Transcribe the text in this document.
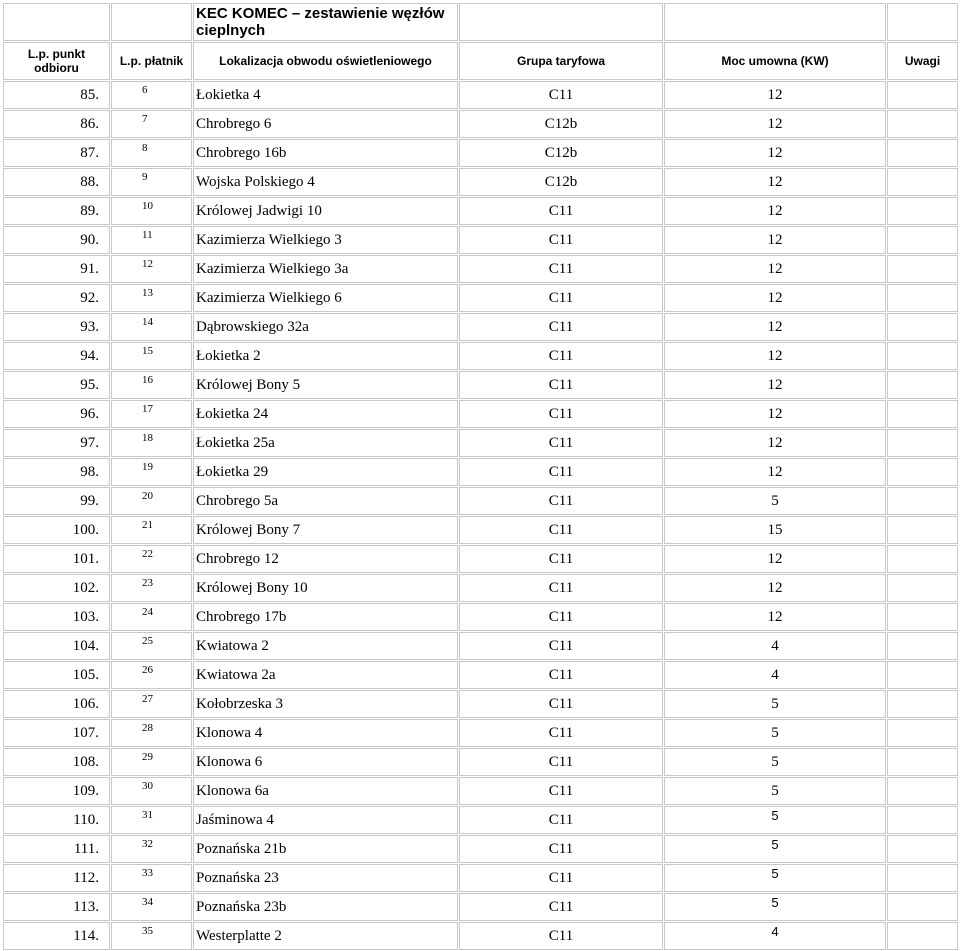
		KEC KOMEC – zestawienie węzłów cieplnych			
L.p. punkt odbioru	L.p. płatnik	Lokalizacja obwodu oświetleniowego	Grupa taryfowa	Moc umowna (KW)	Uwagi
85.	6	Łokietka 4	C11	12	
86.	7	Chrobrego 6	C12b	12	
87.	8	Chrobrego 16b	C12b	12	
88.	9	Wojska Polskiego 4	C12b	12	
89.	10	Królowej Jadwigi 10	C11	12	
90.	11	Kazimierza Wielkiego 3	C11	12	
91.	12	Kazimierza Wielkiego 3a	C11	12	
92.	13	Kazimierza Wielkiego 6	C11	12	
93.	14	Dąbrowskiego 32a	C11	12	
94.	15	Łokietka 2	C11	12	
95.	16	Królowej Bony 5	C11	12	
96.	17	Łokietka 24	C11	12	
97.	18	Łokietka 25a	C11	12	
98.	19	Łokietka 29	C11	12	
99.	20	Chrobrego 5a	C11	5	
100.	21	Królowej Bony 7	C11	15	
101.	22	Chrobrego 12	C11	12	
102.	23	Królowej Bony 10	C11	12	
103.	24	Chrobrego 17b	C11	12	
104.	25	Kwiatowa 2	C11	4	
105.	26	Kwiatowa 2a	C11	4	
106.	27	Kołobrzeska 3	C11	5	
107.	28	Klonowa 4	C11	5	
108.	29	Klonowa 6	C11	5	
109.	30	Klonowa 6a	C11	5	
110.	31	Jaśminowa 4	C11	5	
111.	32	Poznańska 21b	C11	5	
112.	33	Poznańska 23	C11	5	
113.	34	Poznańska 23b	C11	5	
114.	35	Westerplatte 2	C11	4	
